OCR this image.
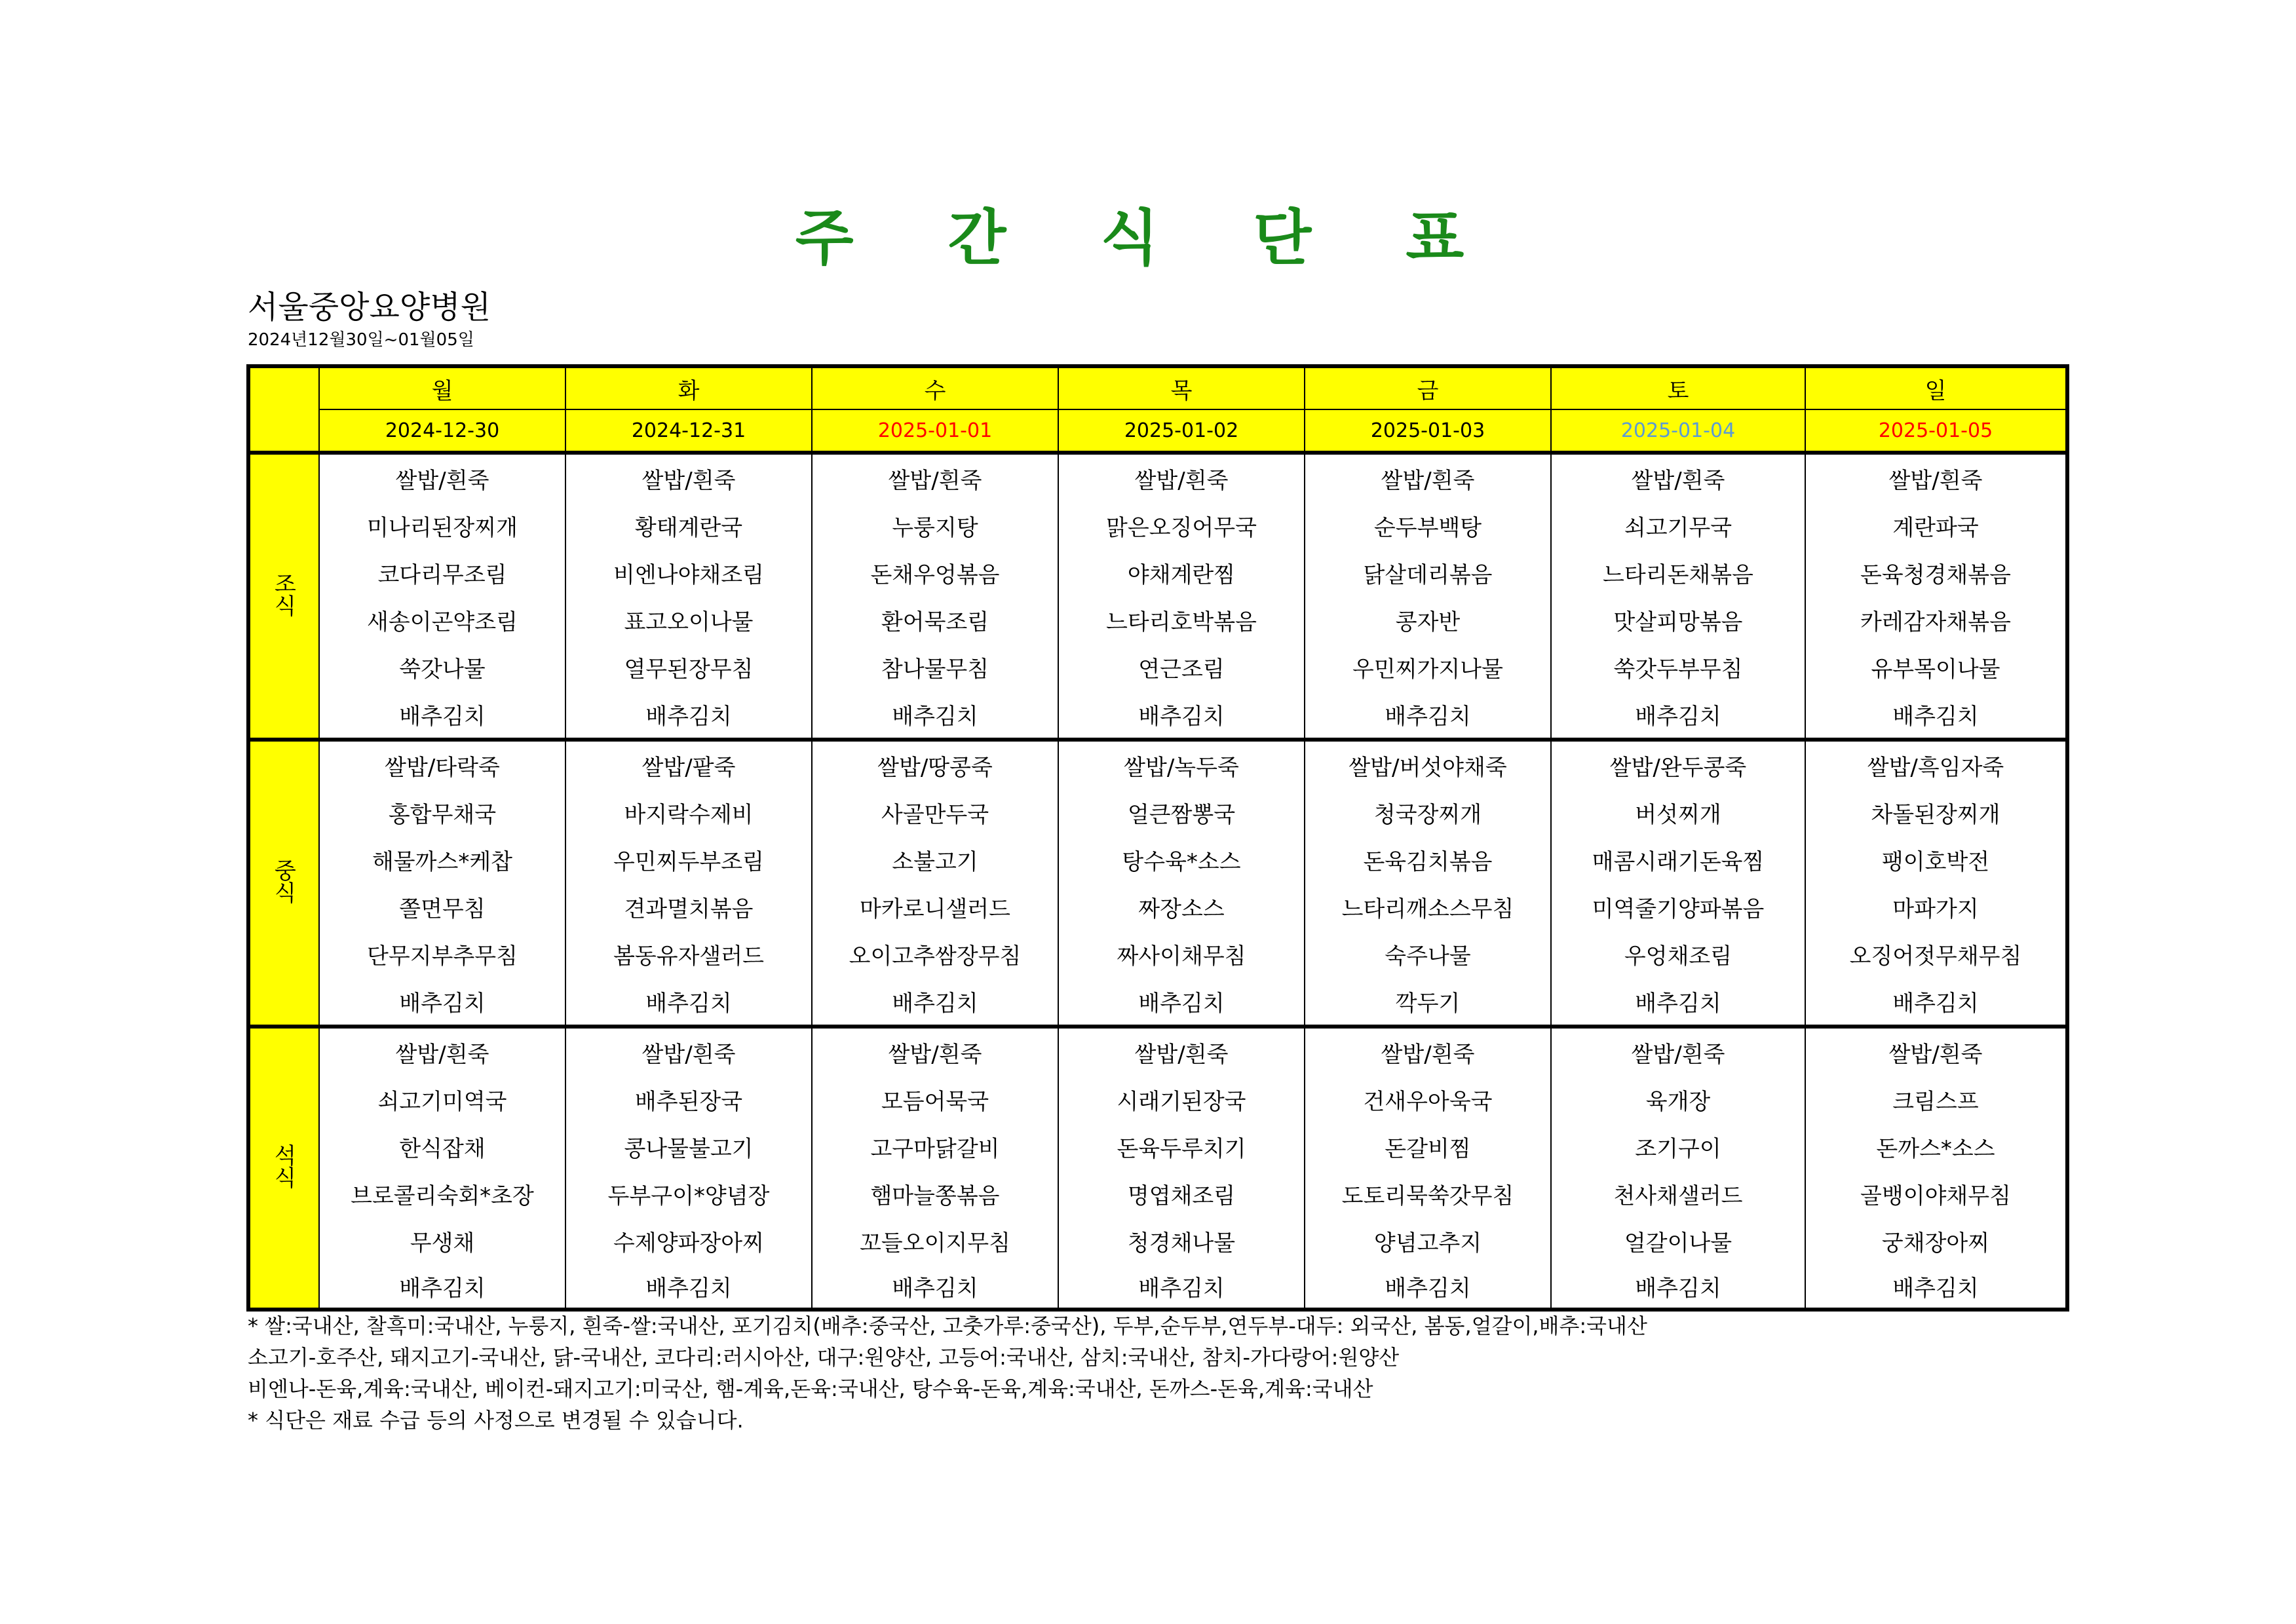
주 간 식 단 표
서울중앙요양병원
2024년12월30일~01월05일
	월	화	수	목	금	토	일
	2024-12-30	2024-12-31	2025-01-01	2025-01-02	2025-01-03	2025-01-04	2025-01-05
조식	쌀밥/흰죽	쌀밥/흰죽	쌀밥/흰죽	쌀밥/흰죽	쌀밥/흰죽	쌀밥/흰죽	쌀밥/흰죽
	미나리된장찌개	황태계란국	누룽지탕	맑은오징어무국	순두부백탕	쇠고기무국	계란파국
	코다리무조림	비엔나야채조림	돈채우엉볶음	야채계란찜	닭살데리볶음	느타리돈채볶음	돈육청경채볶음
	새송이곤약조림	표고오이나물	환어묵조림	느타리호박볶음	콩자반	맛살피망볶음	카레감자채볶음
	쑥갓나물	열무된장무침	참나물무침	연근조림	우민찌가지나물	쑥갓두부무침	유부목이나물
	배추김치	배추김치	배추김치	배추김치	배추김치	배추김치	배추김치
중식	쌀밥/타락죽	쌀밥/팥죽	쌀밥/땅콩죽	쌀밥/녹두죽	쌀밥/버섯야채죽	쌀밥/완두콩죽	쌀밥/흑임자죽
	홍합무채국	바지락수제비	사골만두국	얼큰짬뽕국	청국장찌개	버섯찌개	차돌된장찌개
	해물까스*케찹	우민찌두부조림	소불고기	탕수육*소스	돈육김치볶음	매콤시래기돈육찜	팽이호박전
	쫄면무침	견과멸치볶음	마카로니샐러드	짜장소스	느타리깨소스무침	미역줄기양파볶음	마파가지
	단무지부추무침	봄동유자샐러드	오이고추쌈장무침	짜사이채무침	숙주나물	우엉채조림	오징어젓무채무침
	배추김치	배추김치	배추김치	배추김치	깍두기	배추김치	배추김치
석식	쌀밥/흰죽	쌀밥/흰죽	쌀밥/흰죽	쌀밥/흰죽	쌀밥/흰죽	쌀밥/흰죽	쌀밥/흰죽
	쇠고기미역국	배추된장국	모듬어묵국	시래기된장국	건새우아욱국	육개장	크림스프
	한식잡채	콩나물불고기	고구마닭갈비	돈육두루치기	돈갈비찜	조기구이	돈까스*소스
	브로콜리숙회*초장	두부구이*양념장	햄마늘쫑볶음	명엽채조림	도토리묵쑥갓무침	천사채샐러드	골뱅이야채무침
	무생채	수제양파장아찌	꼬들오이지무침	청경채나물	양념고추지	얼갈이나물	궁채장아찌
	배추김치	배추김치	배추김치	배추김치	배추김치	배추김치	배추김치
* 쌀:국내산, 찰흑미:국내산, 누룽지, 흰죽-쌀:국내산, 포기김치(배추:중국산, 고춧가루:중국산), 두부,순두부,연두부-대두: 외국산, 봄동,얼갈이,배추:국내산
소고기-호주산, 돼지고기-국내산, 닭-국내산, 코다리:러시아산, 대구:원양산, 고등어:국내산, 삼치:국내산, 참치-가다랑어:원양산
비엔나-돈육,계육:국내산, 베이컨-돼지고기:미국산, 햄-계육,돈육:국내산, 탕수육-돈육,계육:국내산, 돈까스-돈육,계육:국내산
* 식단은 재료 수급 등의 사정으로 변경될 수 있습니다.
